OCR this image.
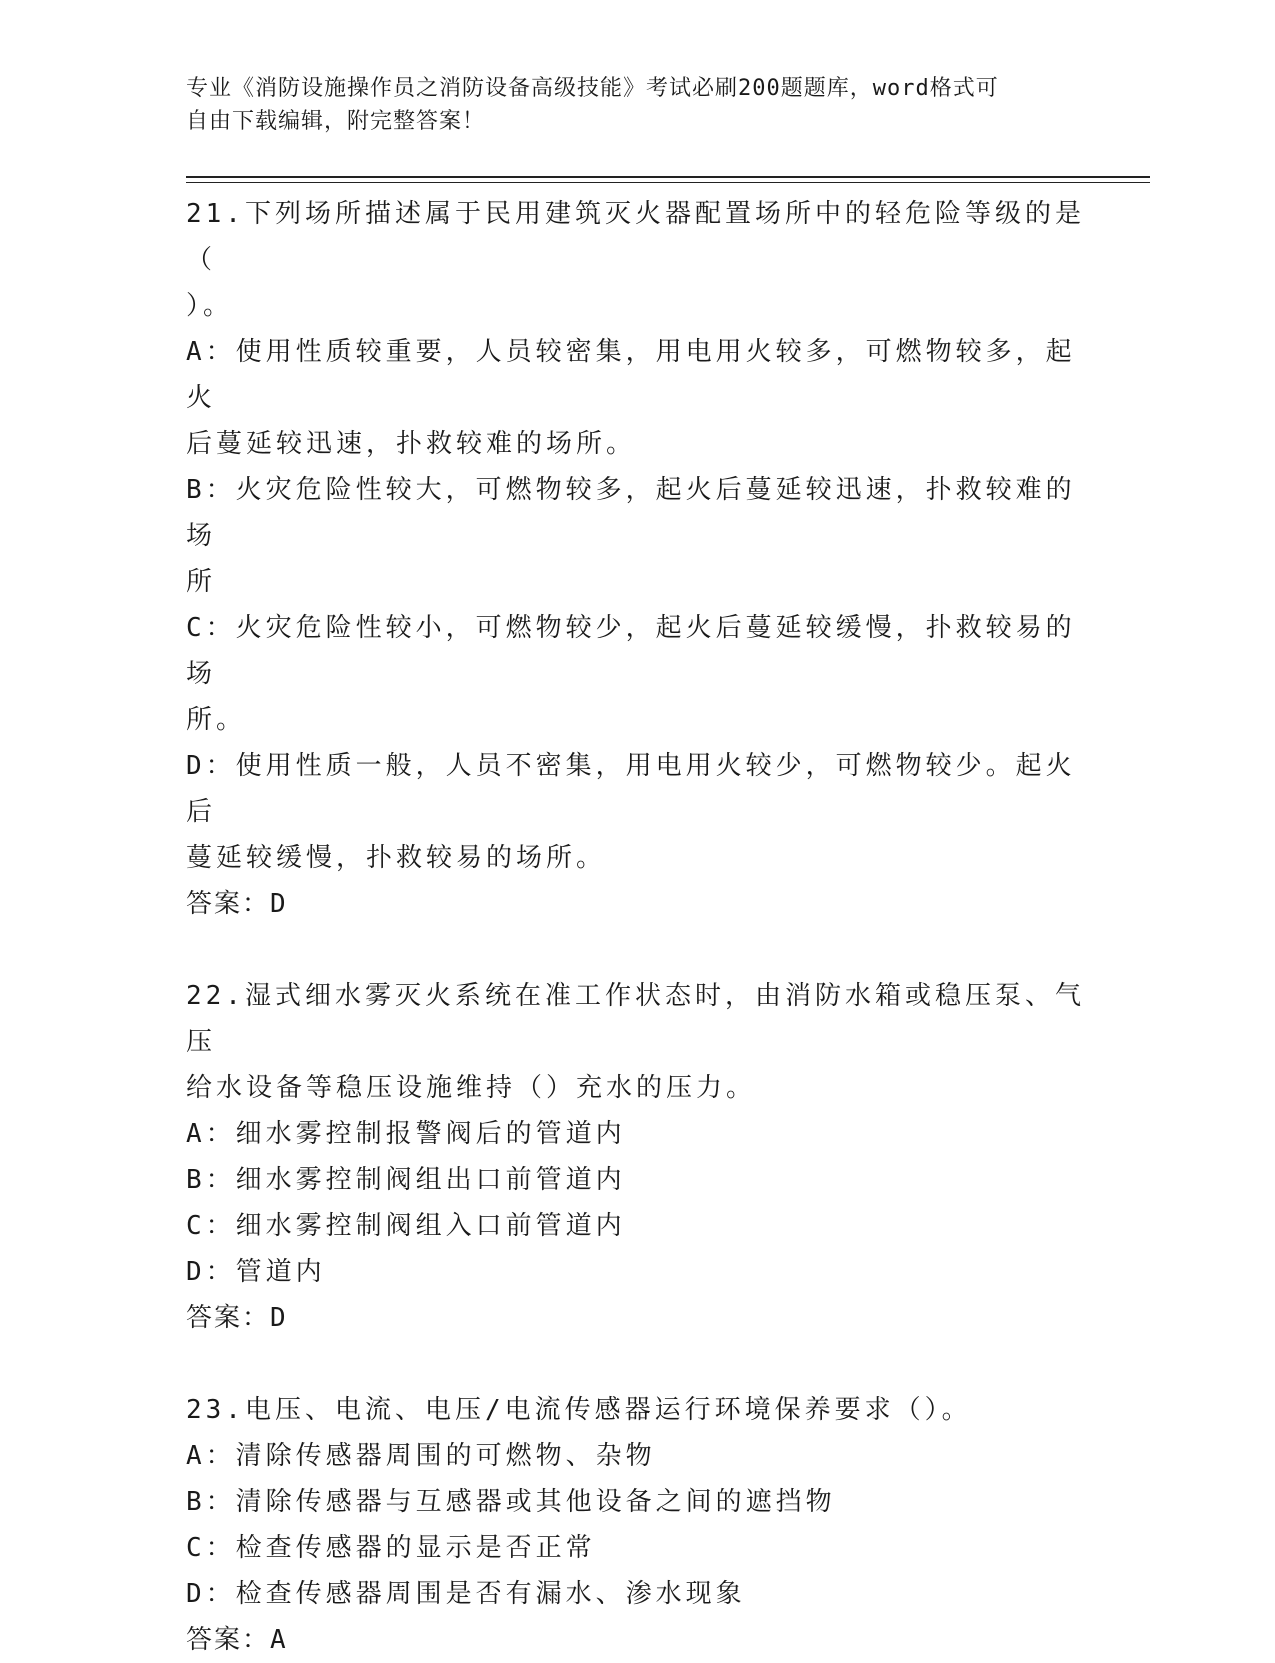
专业《消防设施操作员之消防设备高级技能》考试必刷200题题库，word格式可
自由下载编辑，附完整答案！

21.下列场所描述属于民用建筑灭火器配置场所中的轻危险等级的是（

）。

A：使用性质较重要，人员较密集，用电用火较多，可燃物较多，起火

后蔓延较迅速，扑救较难的场所。

B：火灾危险性较大，可燃物较多，起火后蔓延较迅速，扑救较难的场

所

C：火灾危险性较小，可燃物较少，起火后蔓延较缓慢，扑救较易的场

所。

D：使用性质一般，人员不密集，用电用火较少，可燃物较少。起火后

蔓延较缓慢，扑救较易的场所。

答案：D

22.湿式细水雾灭火系统在准工作状态时，由消防水箱或稳压泵、气压

给水设备等稳压设施维持（）充水的压力。

A：细水雾控制报警阀后的管道内

B：细水雾控制阀组出口前管道内

C：细水雾控制阀组入口前管道内

D：管道内

答案：D

23.电压、电流、电压/电流传感器运行环境保养要求（）。

A：清除传感器周围的可燃物、杂物

B：清除传感器与互感器或其他设备之间的遮挡物

C：检查传感器的显示是否正常

D：检查传感器周围是否有漏水、渗水现象

答案：A
